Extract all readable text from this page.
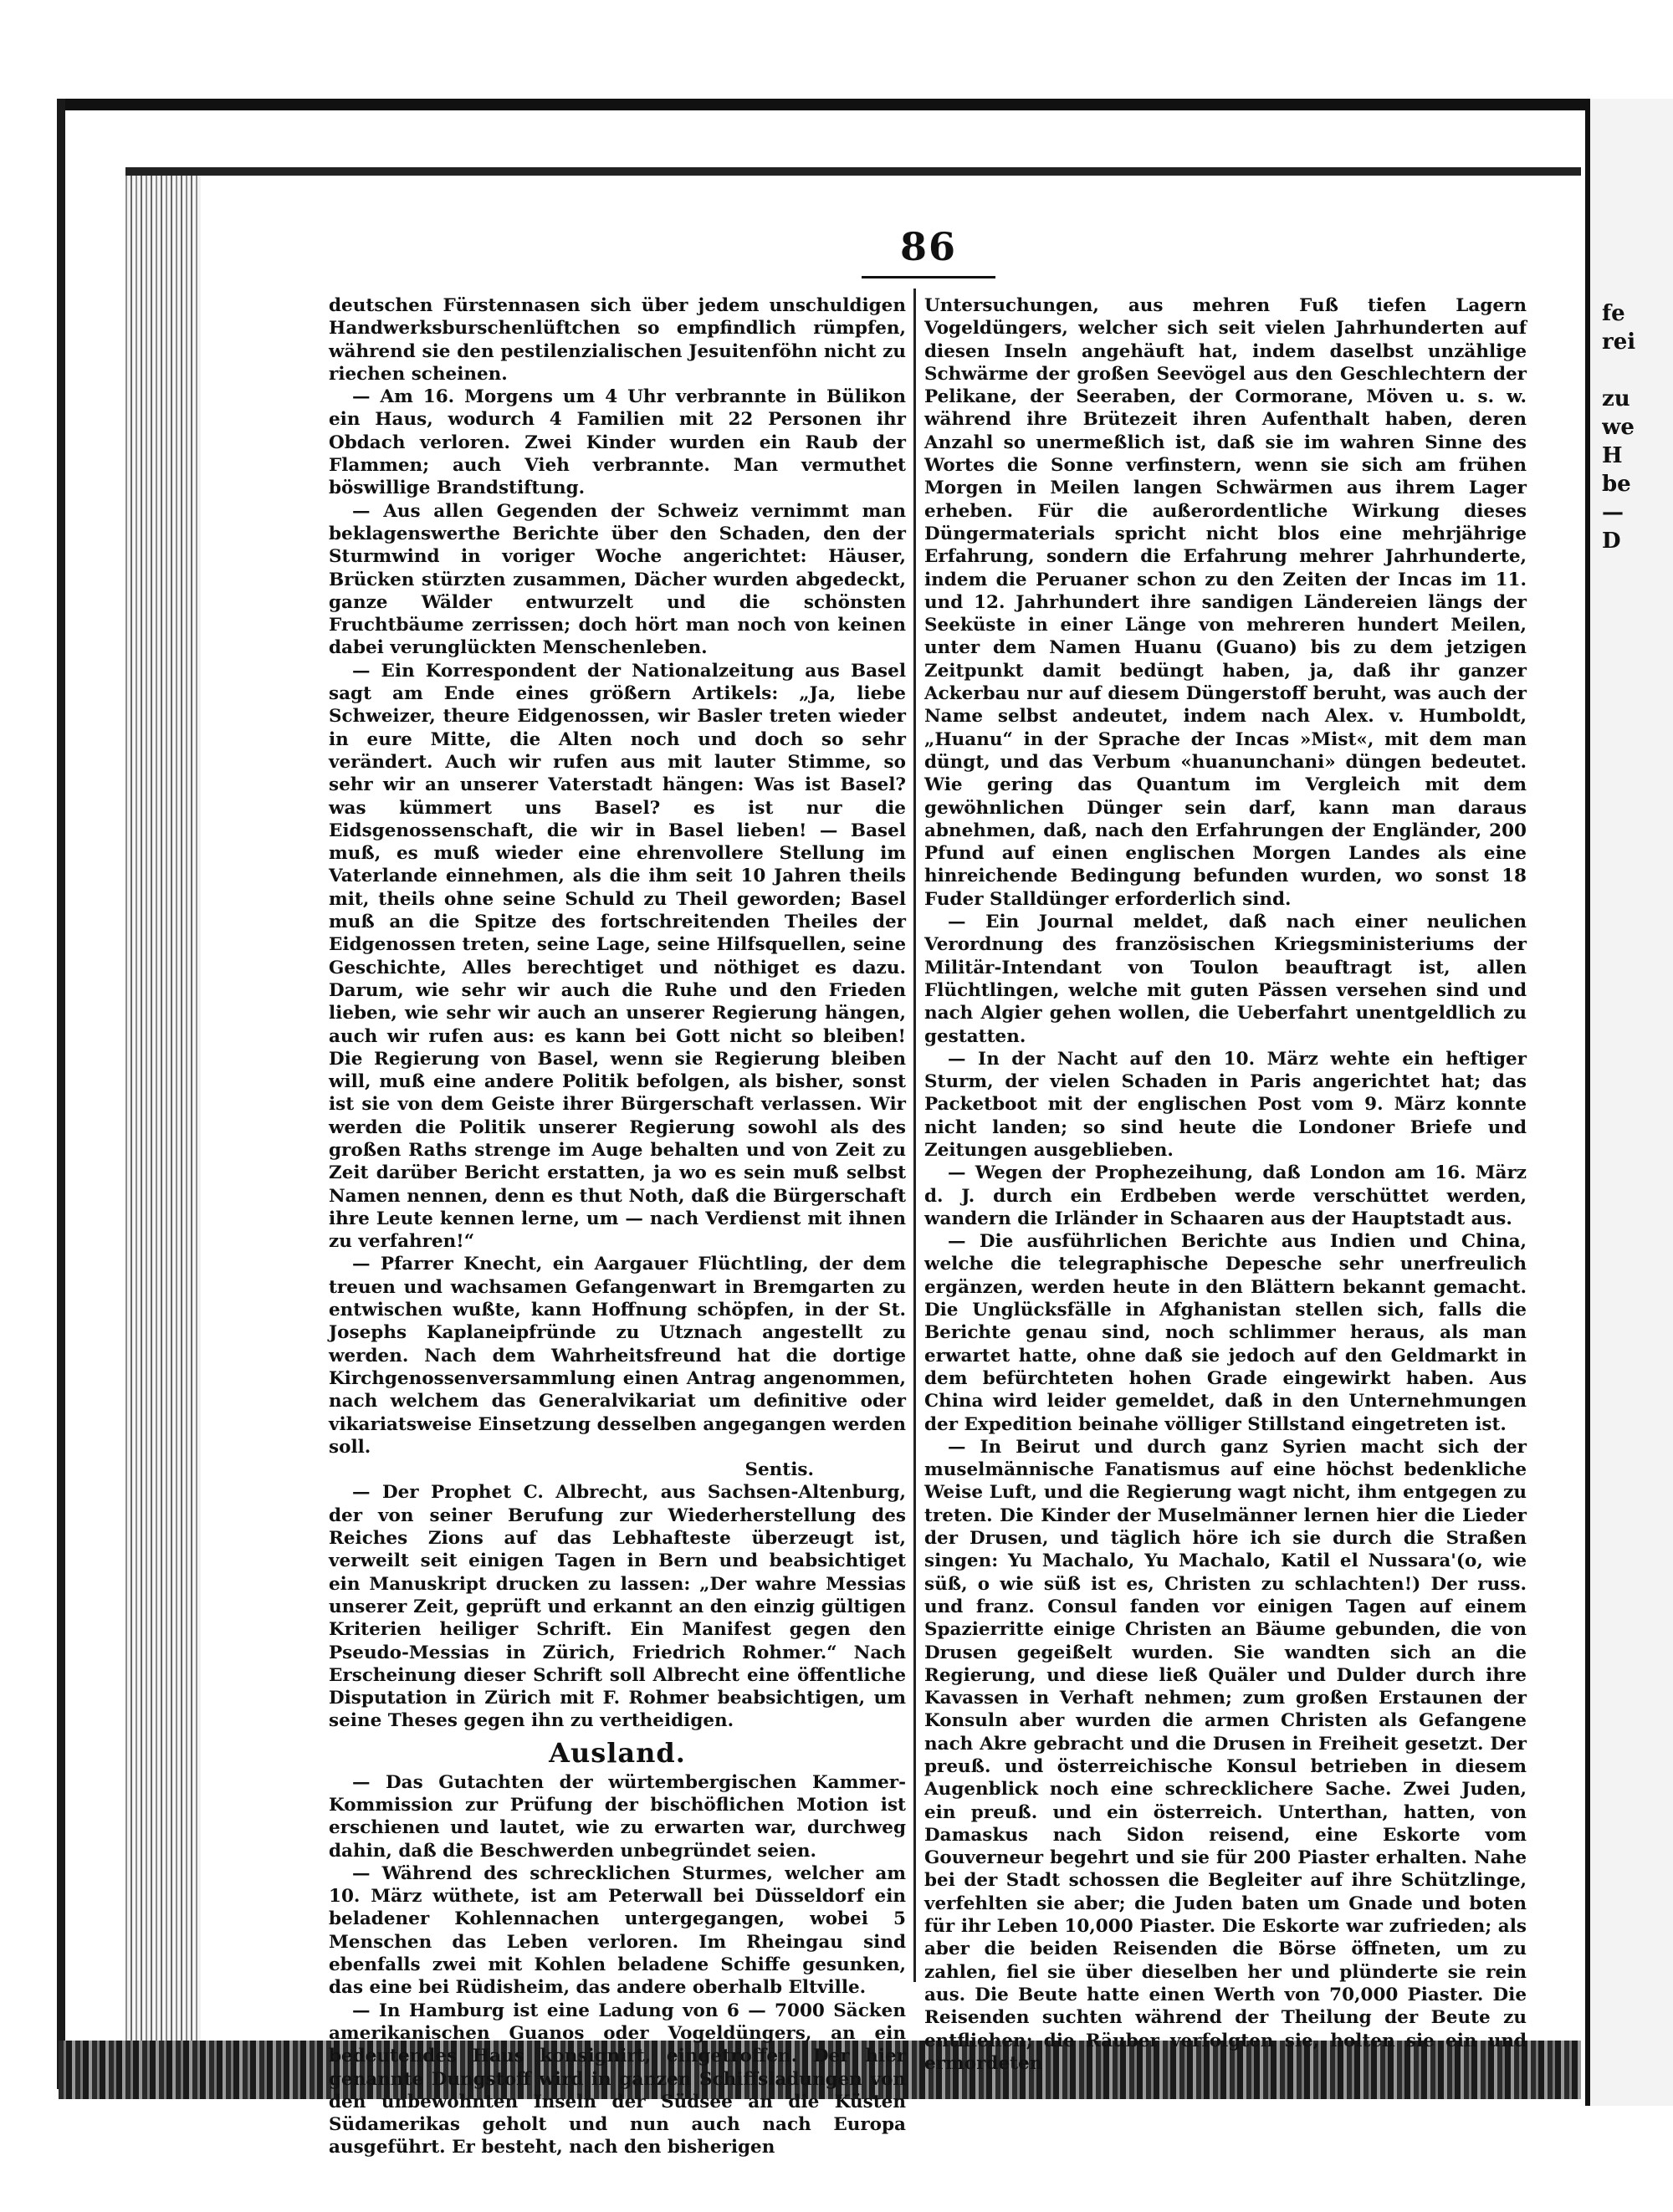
fe
rei

zu
we
H
be
—
D
86

deutschen Fürstennasen sich über jedem unschuldigen Handwerksburschenlüftchen so empfindlich rümpfen, während sie den pestilenzialischen Jesuitenföhn nicht zu riechen scheinen.

— Am 16. Morgens um 4 Uhr verbrannte in Bülikon ein Haus, wodurch 4 Familien mit 22 Personen ihr Obdach verloren. Zwei Kinder wurden ein Raub der Flammen; auch Vieh verbrannte. Man vermuthet böswillige Brandstiftung.

— Aus allen Gegenden der Schweiz vernimmt man beklagenswerthe Berichte über den Schaden, den der Sturmwind in voriger Woche angerichtet: Häuser, Brücken stürzten zusammen, Dächer wurden abgedeckt, ganze Wälder entwurzelt und die schönsten Fruchtbäume zerrissen; doch hört man noch von keinen dabei verunglückten Menschenleben.

— Ein Korrespondent der Nationalzeitung aus Basel sagt am Ende eines größern Artikels: „Ja, liebe Schweizer, theure Eidgenossen, wir Basler treten wieder in eure Mitte, die Alten noch und doch so sehr verändert. Auch wir rufen aus mit lauter Stimme, so sehr wir an unserer Vaterstadt hängen: Was ist Basel? was kümmert uns Basel? es ist nur die Eidsgenossenschaft, die wir in Basel lieben! — Basel muß, es muß wieder eine ehrenvollere Stellung im Vaterlande einnehmen, als die ihm seit 10 Jahren theils mit, theils ohne seine Schuld zu Theil geworden; Basel muß an die Spitze des fortschreitenden Theiles der Eidgenossen treten, seine Lage, seine Hilfsquellen, seine Geschichte, Alles berechtiget und nöthiget es dazu. Darum, wie sehr wir auch die Ruhe und den Frieden lieben, wie sehr wir auch an unserer Regierung hängen, auch wir rufen aus: es kann bei Gott nicht so bleiben! Die Regierung von Basel, wenn sie Regierung bleiben will, muß eine andere Politik befolgen, als bisher, sonst ist sie von dem Geiste ihrer Bürgerschaft verlassen. Wir werden die Politik unserer Regierung sowohl als des großen Raths strenge im Auge behalten und von Zeit zu Zeit darüber Bericht erstatten, ja wo es sein muß selbst Namen nennen, denn es thut Noth, daß die Bürgerschaft ihre Leute kennen lerne, um — nach Verdienst mit ihnen zu verfahren!“

— Pfarrer Knecht, ein Aargauer Flüchtling, der dem treuen und wachsamen Gefangenwart in Bremgarten zu entwischen wußte, kann Hoffnung schöpfen, in der St. Josephs Kaplaneipfründe zu Utznach angestellt zu werden. Nach dem Wahrheitsfreund hat die dortige Kirchgenossenversammlung einen Antrag angenommen, nach welchem das Generalvikariat um definitive oder vikariatsweise Einsetzung desselben angegangen werden soll.

Sentis.

— Der Prophet C. Albrecht, aus Sachsen-Altenburg, der von seiner Berufung zur Wiederherstellung des Reiches Zions auf das Lebhafteste überzeugt ist, verweilt seit einigen Tagen in Bern und beabsichtiget ein Manuskript drucken zu lassen: „Der wahre Messias unserer Zeit, geprüft und erkannt an den einzig gültigen Kriterien heiliger Schrift. Ein Manifest gegen den Pseudo-Messias in Zürich, Friedrich Rohmer.“ Nach Erscheinung dieser Schrift soll Albrecht eine öffentliche Disputation in Zürich mit F. Rohmer beabsichtigen, um seine Theses gegen ihn zu vertheidigen.

Ausland.

— Das Gutachten der würtembergischen Kammer-Kommission zur Prüfung der bischöflichen Motion ist erschienen und lautet, wie zu erwarten war, durchweg dahin, daß die Beschwerden unbegründet seien.

— Während des schrecklichen Sturmes, welcher am 10. März wüthete, ist am Peterwall bei Düsseldorf ein beladener Kohlennachen untergegangen, wobei 5 Menschen das Leben verloren. Im Rheingau sind ebenfalls zwei mit Kohlen beladene Schiffe gesunken, das eine bei Rüdisheim, das andere oberhalb Eltville.

— In Hamburg ist eine Ladung von 6 — 7000 Säcken amerikanischen Guanos oder Vogeldüngers, an ein bedeutendes Haus konsignirt, eingetroffen. Der hier genannte Dungstoff wird in ganzen Schiffsladungen von den unbewohnten Inseln der Südsee an die Küsten Südamerikas geholt und nun auch nach Europa ausgeführt. Er besteht, nach den bisherigen

Untersuchungen, aus mehren Fuß tiefen Lagern Vogeldüngers, welcher sich seit vielen Jahrhunderten auf diesen Inseln angehäuft hat, indem daselbst unzählige Schwärme der großen Seevögel aus den Geschlechtern der Pelikane, der Seeraben, der Cormorane, Möven u. s. w. während ihre Brütezeit ihren Aufenthalt haben, deren Anzahl so unermeßlich ist, daß sie im wahren Sinne des Wortes die Sonne verfinstern, wenn sie sich am frühen Morgen in Meilen langen Schwärmen aus ihrem Lager erheben. Für die außerordentliche Wirkung dieses Düngermaterials spricht nicht blos eine mehrjährige Erfahrung, sondern die Erfahrung mehrer Jahrhunderte, indem die Peruaner schon zu den Zeiten der Incas im 11. und 12. Jahrhundert ihre sandigen Ländereien längs der Seeküste in einer Länge von mehreren hundert Meilen, unter dem Namen Huanu (Guano) bis zu dem jetzigen Zeitpunkt damit bedüngt haben, ja, daß ihr ganzer Ackerbau nur auf diesem Düngerstoff beruht, was auch der Name selbst andeutet, indem nach Alex. v. Humboldt, „Huanu“ in der Sprache der Incas »Mist«, mit dem man düngt, und das Verbum «huanunchani» düngen bedeutet. Wie gering das Quantum im Vergleich mit dem gewöhnlichen Dünger sein darf, kann man daraus abnehmen, daß, nach den Erfahrungen der Engländer, 200 Pfund auf einen englischen Morgen Landes als eine hinreichende Bedingung befunden wurden, wo sonst 18 Fuder Stalldünger erforderlich sind.

— Ein Journal meldet, daß nach einer neulichen Verordnung des französischen Kriegsministeriums der Militär-Intendant von Toulon beauftragt ist, allen Flüchtlingen, welche mit guten Pässen versehen sind und nach Algier gehen wollen, die Ueberfahrt unentgeldlich zu gestatten.

— In der Nacht auf den 10. März wehte ein heftiger Sturm, der vielen Schaden in Paris angerichtet hat; das Packetboot mit der englischen Post vom 9. März konnte nicht landen; so sind heute die Londoner Briefe und Zeitungen ausgeblieben.

— Wegen der Prophezeihung, daß London am 16. März d. J. durch ein Erdbeben werde verschüttet werden, wandern die Irländer in Schaaren aus der Hauptstadt aus.

— Die ausführlichen Berichte aus Indien und China, welche die telegraphische Depesche sehr unerfreulich ergänzen, werden heute in den Blättern bekannt gemacht. Die Unglücksfälle in Afghanistan stellen sich, falls die Berichte genau sind, noch schlimmer heraus, als man erwartet hatte, ohne daß sie jedoch auf den Geldmarkt in dem befürchteten hohen Grade eingewirkt haben. Aus China wird leider gemeldet, daß in den Unternehmungen der Expedition beinahe völliger Stillstand eingetreten ist.

— In Beirut und durch ganz Syrien macht sich der muselmännische Fanatismus auf eine höchst bedenkliche Weise Luft, und die Regierung wagt nicht, ihm entgegen zu treten. Die Kinder der Muselmänner lernen hier die Lieder der Drusen, und täglich höre ich sie durch die Straßen singen: Yu Machalo, Yu Machalo, Katil el Nussara'(o, wie süß, o wie süß ist es, Christen zu schlachten!) Der russ. und franz. Consul fanden vor einigen Tagen auf einem Spazierritte einige Christen an Bäume gebunden, die von Drusen gegeißelt wurden. Sie wandten sich an die Regierung, und diese ließ Quäler und Dulder durch ihre Kavassen in Verhaft nehmen; zum großen Erstaunen der Konsuln aber wurden die armen Christen als Gefangene nach Akre gebracht und die Drusen in Freiheit gesetzt. Der preuß. und österreichische Konsul betrieben in diesem Augenblick noch eine schrecklichere Sache. Zwei Juden, ein preuß. und ein österreich. Unterthan, hatten, von Damaskus nach Sidon reisend, eine Eskorte vom Gouverneur begehrt und sie für 200 Piaster erhalten. Nahe bei der Stadt schossen die Begleiter auf ihre Schützlinge, verfehlten sie aber; die Juden baten um Gnade und boten für ihr Leben 10,000 Piaster. Die Eskorte war zufrieden; als aber die beiden Reisenden die Börse öffneten, um zu zahlen, fiel sie über dieselben her und plünderte sie rein aus. Die Beute hatte einen Werth von 70,000 Piaster. Die Reisenden suchten während der Theilung der Beute zu entfliehen; die Räuber verfolgten sie, holten sie ein und ermordeten
